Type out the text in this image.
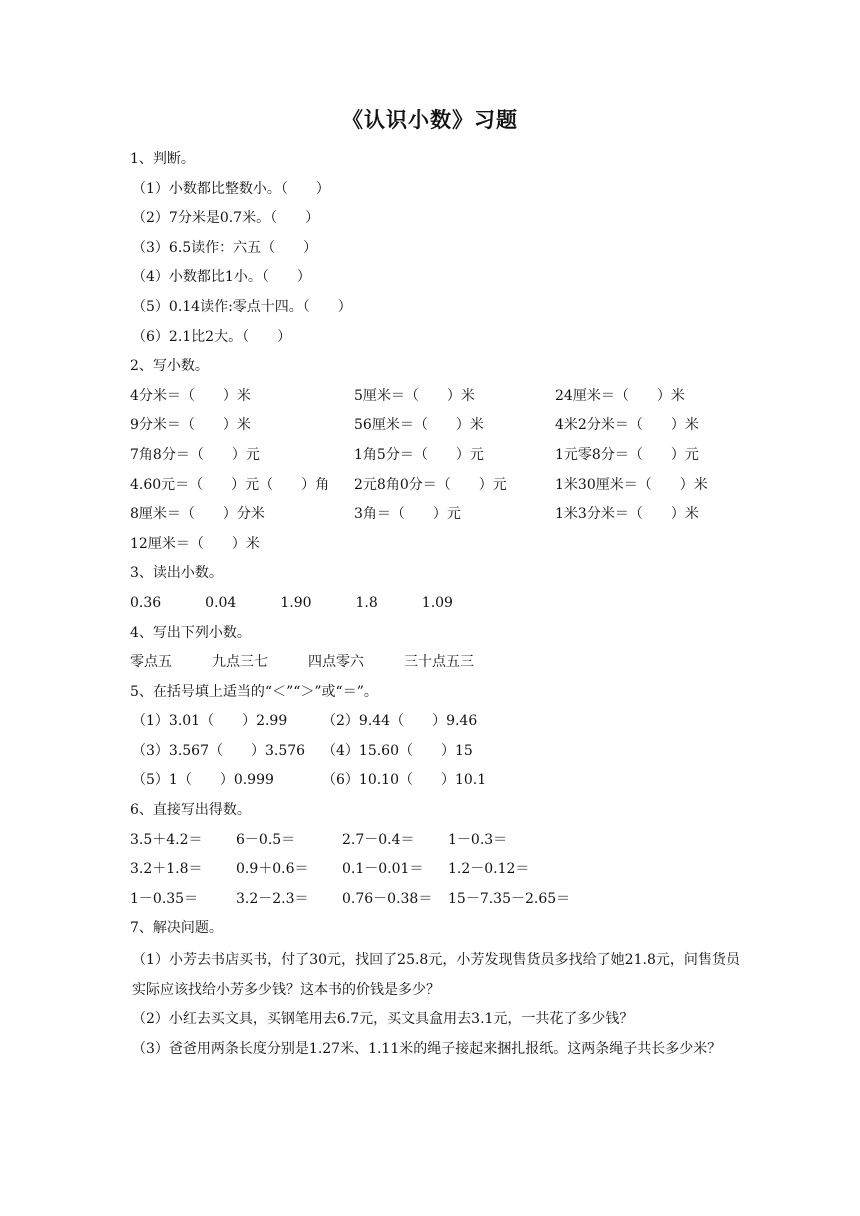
《认识小数》习题
1、判断。
（1）小数都比整数小。（　　）
（2）7分米是0.7米。（　　）
（3）6.5读作：六五（　　）
（4）小数都比1小。（　　）
（5）0.14读作:零点十四。（　　）
（6）2.1比2大。（　　）
2、写小数。
4分米＝（　　）米	5厘米＝（　　）米	24厘米＝（　　）米
9分米＝（　　）米	56厘米＝（　　）米	4米2分米＝（　　）米
7角8分＝（　　）元	1角5分＝（　　）元	1元零8分＝（　　）元
4.60元＝（　　）元（　　）角	2元8角0分＝（　　）元	1米30厘米＝（　　）米
8厘米＝（　　）分米	3角＝（　　）元	1米3分米＝（　　）米
12厘米＝（　　）米
3、读出小数。
0.36	0.04	1.90	1.8	1.09
4、写出下列小数。
零点五	九点三七	四点零六	三十点五三
5、在括号填上适当的“＜”“＞”或“＝”。
（1）3.01（　　）2.99 （2）9.44（　　）9.46
（3）3.567（　　）3.576 （4）15.60（　　）15
（5）1（　　）0.999	（6）10.10（　　）10.1
6、直接写出得数。
3.5＋4.2＝ 6－0.5＝	2.7－0.4＝ 1－0.3＝
3.2＋1.8＝ 0.9＋0.6＝ 0.1－0.01＝ 1.2－0.12＝
1－0.35＝	3.2－2.3＝ 0.76－0.38＝ 15－7.35－2.65＝
7、解决问题。
（1）小芳去书店买书，付了30元，找回了25.8元，小芳发现售货员多找给了她21.8元，问售货员实际应该找给小芳多少钱？这本书的价钱是多少？
（2）小红去买文具，买钢笔用去6.7元，买文具盒用去3.1元，一共花了多少钱？
（3）爸爸用两条长度分别是1.27米、1.11米的绳子接起来捆扎报纸。这两条绳子共长多少米？
